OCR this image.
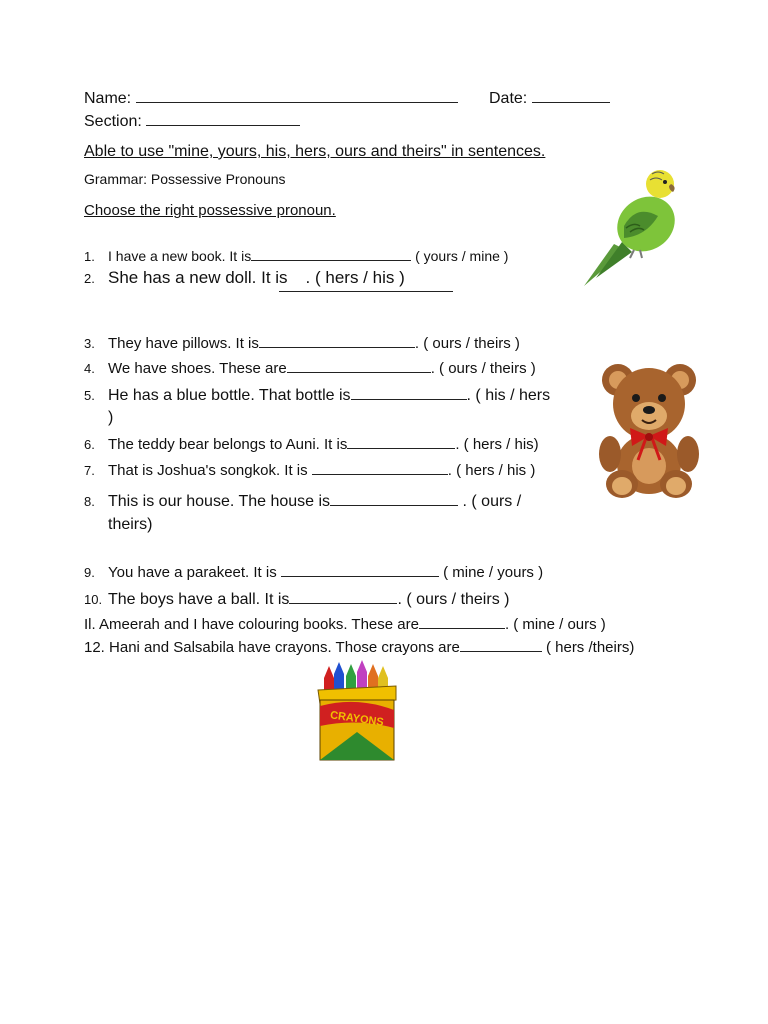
Name:	Date:
Section:
Able to use "mine, yours, his, hers, ours and theirs" in sentences.
Grammar: Possessive Pronouns
Choose the right possessive pronoun.
1. I have a new book. It is	( yours / mine )
2. She has a new doll. It is . ( hers / his )
3. They have pillows. It is	. ( ours / theirs )
4. We have shoes. These are	. ( ours / theirs )
5. He has a blue bottle. That bottle is	. ( his / hers
)
6. The teddy bear belongs to Auni. It is	. ( hers / his)
7. That is Joshua's songkok. It is	. ( hers / his )
8. This is our house. The house is	. ( ours /
theirs)
9. You have a parakeet. It is	( mine / yours )
10. The boys have a ball. It is	. ( ours / theirs )
Il. Ameerah and I have colouring books. These are	. ( mine / ours )
12. Hani and Salsabila have crayons. Those crayons are	( hers /theirs)
CRAYONS
